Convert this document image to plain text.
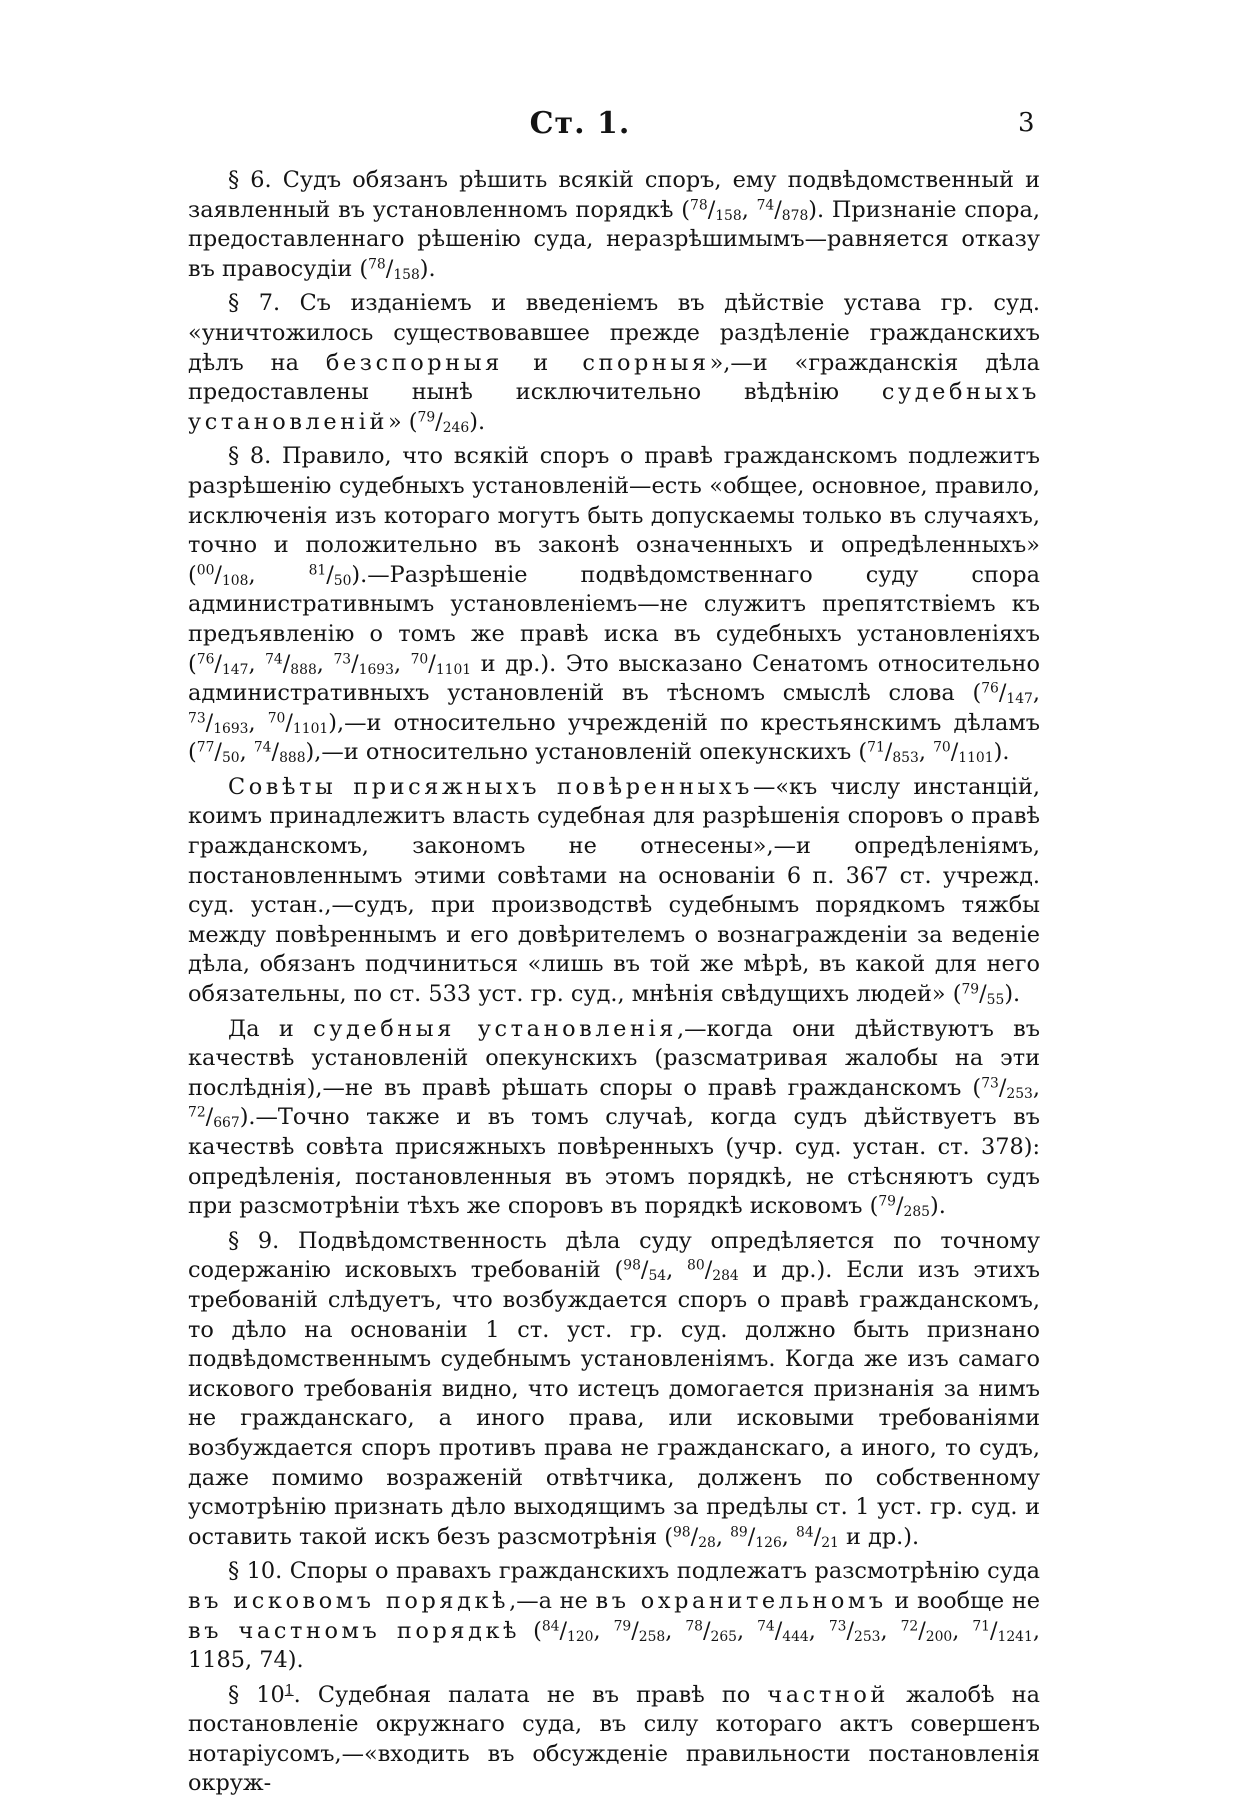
Ст. 1.	3

§ 6. Судъ обязанъ рѣшить всякій споръ, ему подвѣдомственный и заявленный въ установленномъ порядкѣ ($^{78}/_{158}$, $^{74}/_{878}$). Признаніе спора, предоставленнаго рѣшенію суда, неразрѣшимымъ—равняется отказу въ правосудіи $(^{78}/_{158})$.

§ 7. Съ изданіемъ и введеніемъ въ дѣйствіе устава гр. суд. «уничтожилось существовавшее прежде раздѣленіе гражданскихъ дѣлъ на безспорныя и спорныя»,—и «гражданскія дѣла предоставлены нынѣ исключительно вѣдѣнію судебныхъ установленій» $(^{79}/_{246})$.

§ 8. Правило, что всякій споръ о правѣ гражданскомъ подлежитъ разрѣшенію судебныхъ установленій—есть «общее, основное, правило, исключенія изъ котораго могутъ быть допускаемы только въ случаяхъ, точно и положительно въ законѣ означенныхъ и опредѣленныхъ» ($^{00}/_{108}$, $^{81}/_{50}).—Разрѣшеніе$ подвѣдомственнаго суду спора административнымъ установленіемъ—не служитъ препятствіемъ къ предъявленію о томъ же правѣ иска въ судебныхъ установленіяхъ ($^{76}/_{147}$, $^{74}/_{888}$, $^{73}/_{1693}$, $^{70}/_{1101}$ и др.). Это высказано Сенатомъ относительно административныхъ установленій въ тѣсномъ смыслѣ слова ($^{76}/_{147}$, $^{73}/_{1693}$, $^{70}/_{1101}),—и$ относительно учрежденій по крестьянскимъ дѣламъ ($^{77}/_{50}$, $^{74}/_{888}),—и$ относительно установленій опекунскихъ ($^{71}/_{853}$, $^{70}/_{1101}$).

Совѣты присяжныхъ повѣренныхъ—«къ числу инстанцій, коимъ принадлежитъ власть судебная для разрѣшенія споровъ о правѣ гражданскомъ, закономъ не отнесены»,—и опредѣленіямъ, постановленнымъ этими совѣтами на основаніи 6 п. 367 ст. учрежд. суд. устан.,—судъ, при производствѣ судебнымъ порядкомъ тяжбы между повѣреннымъ и его довѣрителемъ о вознагражденіи за веденіе дѣла, обязанъ подчиниться «лишь въ той же мѣрѣ, въ какой для него обязательны, по ст. 533 уст. гр. суд., мнѣнія свѣдущихъ людей» $(^{79}/_{55})$.

Да и судебныя установленія,—когда они дѣйствуютъ въ качествѣ установленій опекунскихъ (разсматривая жалобы на эти послѣднія),—не въ правѣ рѣшать споры о правѣ гражданскомъ ($^{73}/_{253}$, $^{72}/_{667}).—Точно$ также и въ томъ случаѣ, когда судъ дѣйствуетъ въ качествѣ совѣта присяжныхъ повѣренныхъ (учр. суд. устан. ст. 378): опредѣленія, постановленныя въ этомъ порядкѣ, не стѣсняютъ судъ при разсмотрѣніи тѣхъ же споровъ въ порядкѣ исковомъ $(^{79}/_{285})$.

§ 9. Подвѣдомственность дѣла суду опредѣляется по точному содержанію исковыхъ требованій ($^{98}/_{54}$, $^{80}/_{284}$ и др.). Если изъ этихъ требованій слѣдуетъ, что возбуждается споръ о правѣ гражданскомъ, то дѣло на основаніи 1 ст. уст. гр. суд. должно быть признано подвѣдомственнымъ судебнымъ установленіямъ. Когда же изъ самаго искового требованія видно, что истецъ домогается признанія за нимъ не гражданскаго, а иного права, или исковыми требованіями возбуждается споръ противъ права не гражданскаго, а иного, то судъ, даже помимо возраженій отвѣтчика, долженъ по собственному усмотрѣнію признать дѣло выходящимъ за предѣлы ст. 1 уст. гр. суд. и оставить такой искъ безъ разсмотрѣнія ($^{98}/_{28}$, $^{89}/_{126}$, $^{84}/_{21}$ и др.).

§ 10. Споры о правахъ гражданскихъ подлежатъ разсмотрѣнію суда въ исковомъ порядкѣ,—а не въ охранительномъ и вообще не въ частномъ порядкѣ ($^{84}/_{120}$, $^{79}/_{258}$, $^{78}/_{265}$, $^{74}/_{444}$, $^{73}/_{253}$, $^{72}/_{200}$, $^{71}/_{1241}$, 1185, 74).

§ $10^1$. Судебная палата не въ правѣ по частной жалобѣ на постановленіе окружнаго суда, въ силу котораго актъ совершенъ нотаріусомъ,—«входить въ обсужденіе правильности постановленія окруж-
